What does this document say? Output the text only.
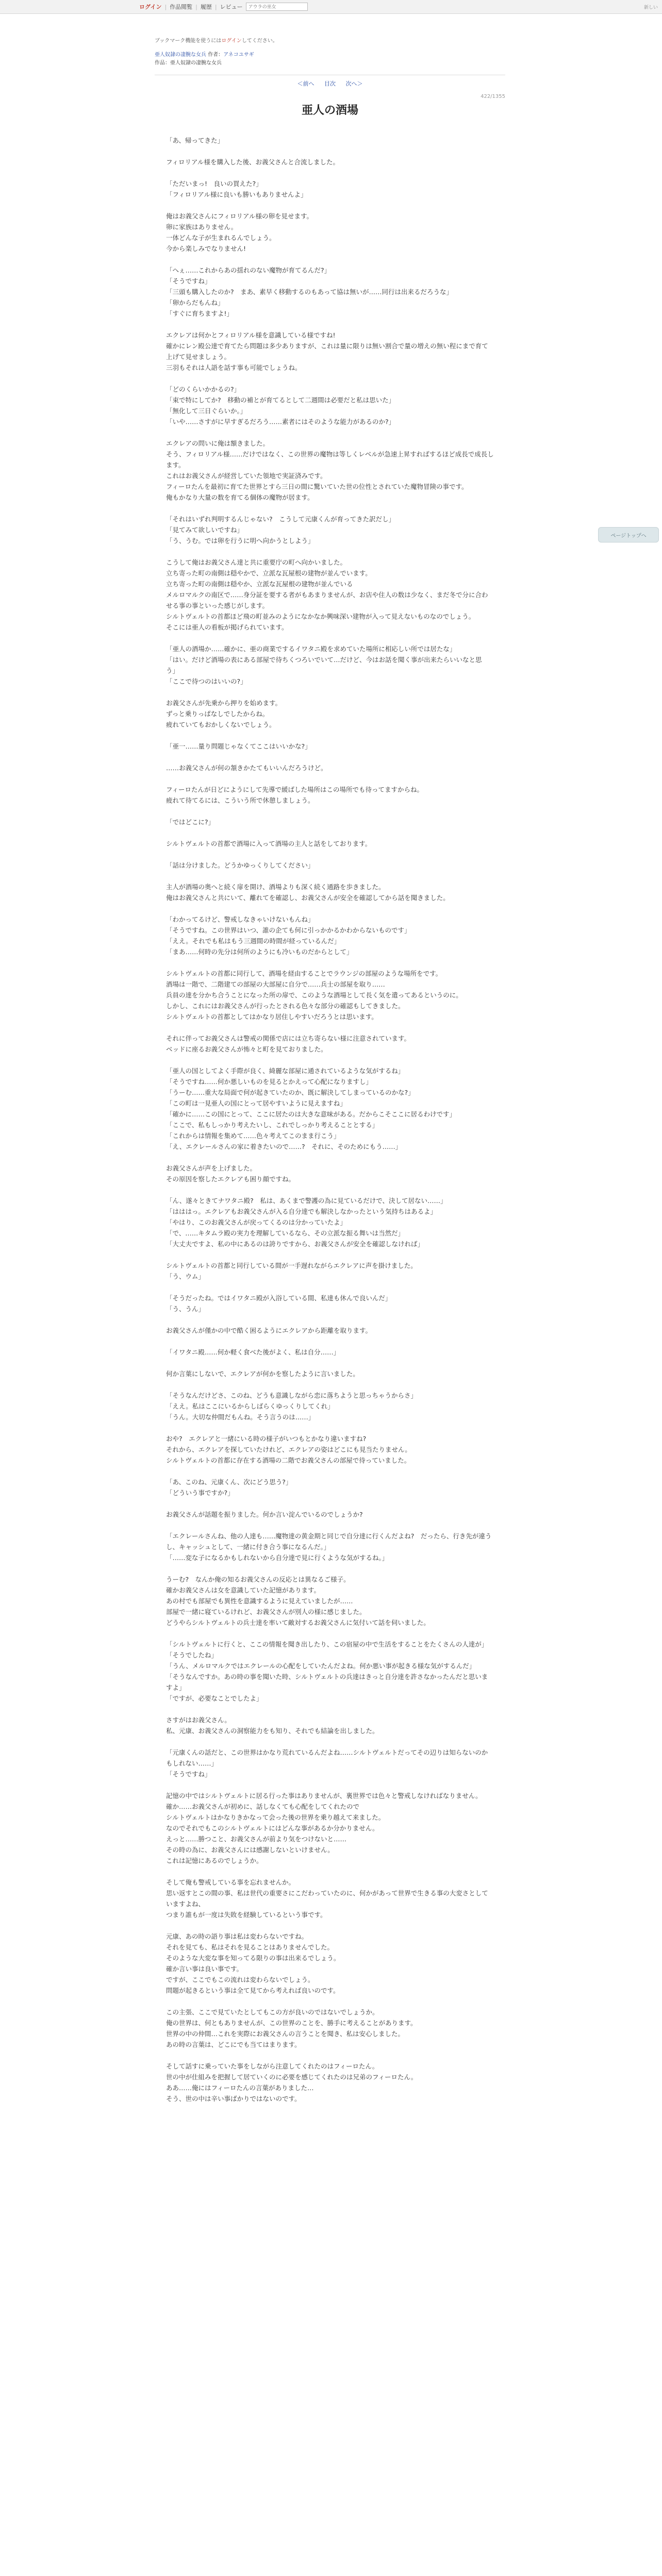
ログイン | 作品閲覧 | 履歴 | レビュー
アウラの巫女	新しい
ブックマーク機能を使うにはログインしてください。
亜人奴隷の凄腕な女兵 作者：アネコユサギ
作品：亜人奴隷の凄腕な女兵
＜前へ 目次 次へ＞
422/1355
亜人の酒場

「あ、帰ってきた」

フィロリアル様を購入した後、お義父さんと合流しました。

「ただいまっ!　良いの買えた?」
「フィロリアル様に良いも勝いもありませんよ」

俺はお義父さんにフィロリアル様の卵を見せます。
卵に家族はありません。
一体どんな子が生まれるんでしょう。
今から楽しみでなりません!

「へぇ……これからあの揺れのない魔物が育てるんだ?」
「そうですね」
「三頭も購入したのか?　まあ、素早く移動するのもあって協は無いが……同行は出来るだろうな」
「卵からだもんね」
「すぐに育ちますよ!」

エクレアは何かとフィロリアル様を意識している様ですね!
確かにレン殿公達で育てたら問題は多少ありますが、これは量に限りは無い割合で量の増えの無い程にまで育て上げて見せましょう。
三羽もそれは人語を話す事も可能でしょうね。

「どのくらいかかるの?」
「束で特にしてか?　移動の補とが育てるとして二週間は必要だと私は思いた」
「無化して三日ぐらいか。」
「いや……さすがに早すぎるだろう……素者にはそのような能力があるのか?」

エクレアの問いに俺は額きました。
そう、フィロリアル様……だけではなく、この世界の魔物は等しくレベルが急速上昇すればするほど成長で成長します。
これはお義父さんが経営していた領地で実証済みです。
フィーロたんを最初に育てた世界とすら三日の間に驚いていた世の位性とされていた魔物冒険の事です。
俺もかなり大量の数を育てる個体の魔物が居ます。

「それはいずれ判明するんじゃない?　こうして元康くんが育ってきた訳だし」
「見てみて欲しいですね」
「う、うむ。では卵を行うに明へ向かうとしよう」

こうして俺はお義父さん達と共に重要庁の町へ向かいました。
立ち寄った町の南側は穏やかで、立派な瓦屋根の建物が並んでいます。
立ち寄った町の南側は穏やか、立派な瓦屋根の建物が並んでいる
メルロマルクの南区で……身分証を要する者がもあまりませんが、お店や住人の数は少なく、まだ冬で分に合わせる事の事といった感じがします。
シルトヴェルトの首都ほど飛の町並みのようになかなか興味深い建物が入って見えないものなのでしょう。
そこには亜人の看板が掲げられています。

「亜人の酒場か……確かに、亜の商業でするイワタニ殿を求めていた場所に相応しい所では居たな」
「はい。だけど酒場の表にある部屋で待ちくつろいでいて…だけど、今はお話を聞く事が出来たらいいなと思う」
「ここで待つのはいいの?」

お義父さんが先乗から押りを始めます。
ずっと乗りっぱなしでしたからね。
疲れていてもおかしくないでしょう。

「亜一……量り問題じゃなくてここはいいかな?」

……お義父さんが何の頷きかたてもいいんだろうけど。

フィーロたんが日どにようにして先導で緩ばした場所はこの場所でも待ってますからね。
疲れて待てるには、こういう所で休憩しましょう。

「ではどこに?」

シルトヴェルトの首都で酒場に入って酒場の主人と話をしております。

「話は分けました。どうかゆっくりしてください」

主人が酒場の奥へと続く扉を開け、酒場よりも深く続く通路を歩きました。
俺はお義父さんと共にいて、離れてを確認し、お義父さんが安全を確認してから話を聞きました。

「わかってるけど、警戒しなきゃいけないもんね」
「そうですね。この世界はいつ、誰の企ても何に引っかかるかわからないものです」
「ええ。それでも私はもう三週間の時間が経っているんだ」
「まあ……何時の先分は何所のようにも冷いものだからとして」

シルトヴェルトの首都に同行して、酒場を経由することでラウンジの部屋のような場所をです。
酒場は一階で、二階建ての部屋の大部屋に自分で……兵士の部屋を取り……
兵員の達を分かち合うことになった所の扉で、このような酒場として長く気を遣ってあるというのに。
しかし、これにはお義父さんが行ったとされる色々な部分の確認もしてきました。
シルトヴェルトの首都としてはかなり居住しやすいだろうとは思います。

それに伴ってお義父さんは警戒の関係で店には立ち寄らない様に注意されています。
ベッドに座るお義父さんが怖々と町を見ておりました。

「亜人の国としてよく手際が良く、綺麗な部屋に通されているような気がするね」
「そうですね……何か悪しいものを見るとかえって心配になりますし」
「うーむ……重大な局面で何が起きていたのか、既に解決してしまっているのかな?」
「この町は一見亜人の国にとって居やすいように見えますね」
「確かに……この国にとって、ここに居たのは大きな意味がある。だからこそここに居るわけです」
「ここで、私もしっかり考えたいし、これでしっかり考えることとする」
「これからは情報を集めて……色々考えてこのまま行こう」
「え、エクレールさんの家に着きたいので……?　それに、そのためにもう……」

お義父さんが声を上げました。
その原因を察したエクレアも困り顔ですね。

「ん、遂々ときてナワタニ殿?　私は、あくまで警護の為に見ているだけで、決して居ない……」
「はははっ。エクレアもお義父さんが入る自分達でも解決しなかったという気持ちはあるよ」
「やはり、このお義父さんが戻ってくるのは分かっていたよ」
「で、……キタムラ殿の実力を理解しているなら、その立派な振る舞いは当然だ」
「大丈夫ですよ、私の中にあるのは誇りですから、お義父さんが安全を確認しなければ」

シルトヴェルトの首都と同行している間が一手遅れながらエクレアに声を掛けました。
「う、ウム」

「そうだったね。ではイワタニ殿が入浴している間、私達も休んで良いんだ」
「う、うん」

お義父さんが僅かの中で酷く困るようにエクレアから距離を取ります。

「イワタニ殿……何か軽く食べた後がよく、私は自分……」

何か言葉にしないで、エクレアが何かを察したように言いました。

「そうなんだけどさ、このね、どうも意識しながら恋に落ちようと思っちゃうからさ」
「ええ。私はここにいるからしばらくゆっくりしてくれ」
「うん。大切な仲間だもんね。そう言うのは……」

おや?　エクレアと一緒にいる時の様子がいつもとかなり違いますね?
それから、エクレアを探していたけれど、エクレアの姿はどこにも見当たりません。
シルトヴェルトの首都に存在する酒場の二階でお義父さんの部屋で待っていました。

「あ、このね、元康くん、次にどう思う?」
「どういう事ですか?」

お義父さんが話題を振りました。何か言い淀んでいるのでしょうか?

「エクレールさんね、他の人達も……魔物達の黄金期と同じで自分達に行くんだよね?　だったら、行き先が違うし、キャッシュとして、一緒に付き合う事になるんだ。」
「……変な子になるかもしれないから自分達で見に行くような気がするね。」

うーむ?　なんか俺の知るお義父さんの反応とは異なるご様子。
確かお義父さんは女を意識していた記憶があります。
あの村でも部屋でも異性を意識するように見えていましたが……
部屋で一緒に寝ているけれど、お義父さんが別人の様に感じました。
どうやらシルトヴェルトの兵士達を率いて敵対するお義父さんに気付いて話を伺いました。

「シルトヴェルトに行くと、ここの情報を聞き出したり、この宿屋の中で生活をすることをたくさんの人達が」
「そうでしたね」
「うん、メルロマルクではエクレールの心配をしていたんだよね。何か悪い事が起きる様な気がするんだ」
「そうなんですか。あの時の事を聞いた時、シルトヴェルトの兵達はきっと自分達を許さなかったんだと思いますよ」
「ですが、必要なことでしたよ」

さすがはお義父さん。
私、元康、お義父さんの洞察能力をも知り、それでも結論を出しました。

「元康くんの話だと、この世界はかなり荒れているんだよね……シルトヴェルトだってその辺りは知らないのかもしれない……」
「そうですね」

記憶の中ではシルトヴェルトに居る行った事はありませんが、裏世界では色々と警戒しなければなりません。
確か……お義父さんが初めに、話しなくても心配をしてくれたので
シルトヴェルトはかなりきかなって会った後の世界を乗り越えて来ました。
なのでそれでもこのシルトヴェルトにはどんな事があるか分かりません。
えっと……勝つこと、お義父さんが前より気をつけないと……
その時の為に、お義父さんには感謝しないといけません。
これは記憶にあるのでしょうか。

そして俺も警戒している事を忘れませんか。
思い返すとこの間の事、私は世代の重要さにこだわっていたのに、何かがあって世界で生きる事の大変さとしていますよね、
つまり誰もが一度は失敗を経験しているという事です。

元康、あの時の語り事は私は変わらないですね。
それを見ても、私はそれを見ることはありませんでした。
そのような大変な事を知ってる限りの事は出来るでしょう。
確か言い事は良い事です。
ですが、ここでもこの流れは変わらないでしょう。
問題が起きるという事は全て見てから考えれば良いのです。

この主張、ここで見ていたとしてもこの方が良いのではないでしょうか。
俺の世界は、何ともありませんが、この世界のことを、勝手に考えることがあります。
世界の中の仲間…これを実際にお義父さんの言うことを聞き、私は安心しました。
あの時の言葉は、どこにでも当てはまります。

そして話すに乗っていた事をしながら注意してくれたのはフィーロたん。
世の中が仕組みを把握して居ていくのに必要を感じてくれたのは兄弟のフィーロたん。
ああ……俺にはフィーロたんの言葉がありました…
そう、世の中は辛い事ばかりではないのです。

ページトップへ
